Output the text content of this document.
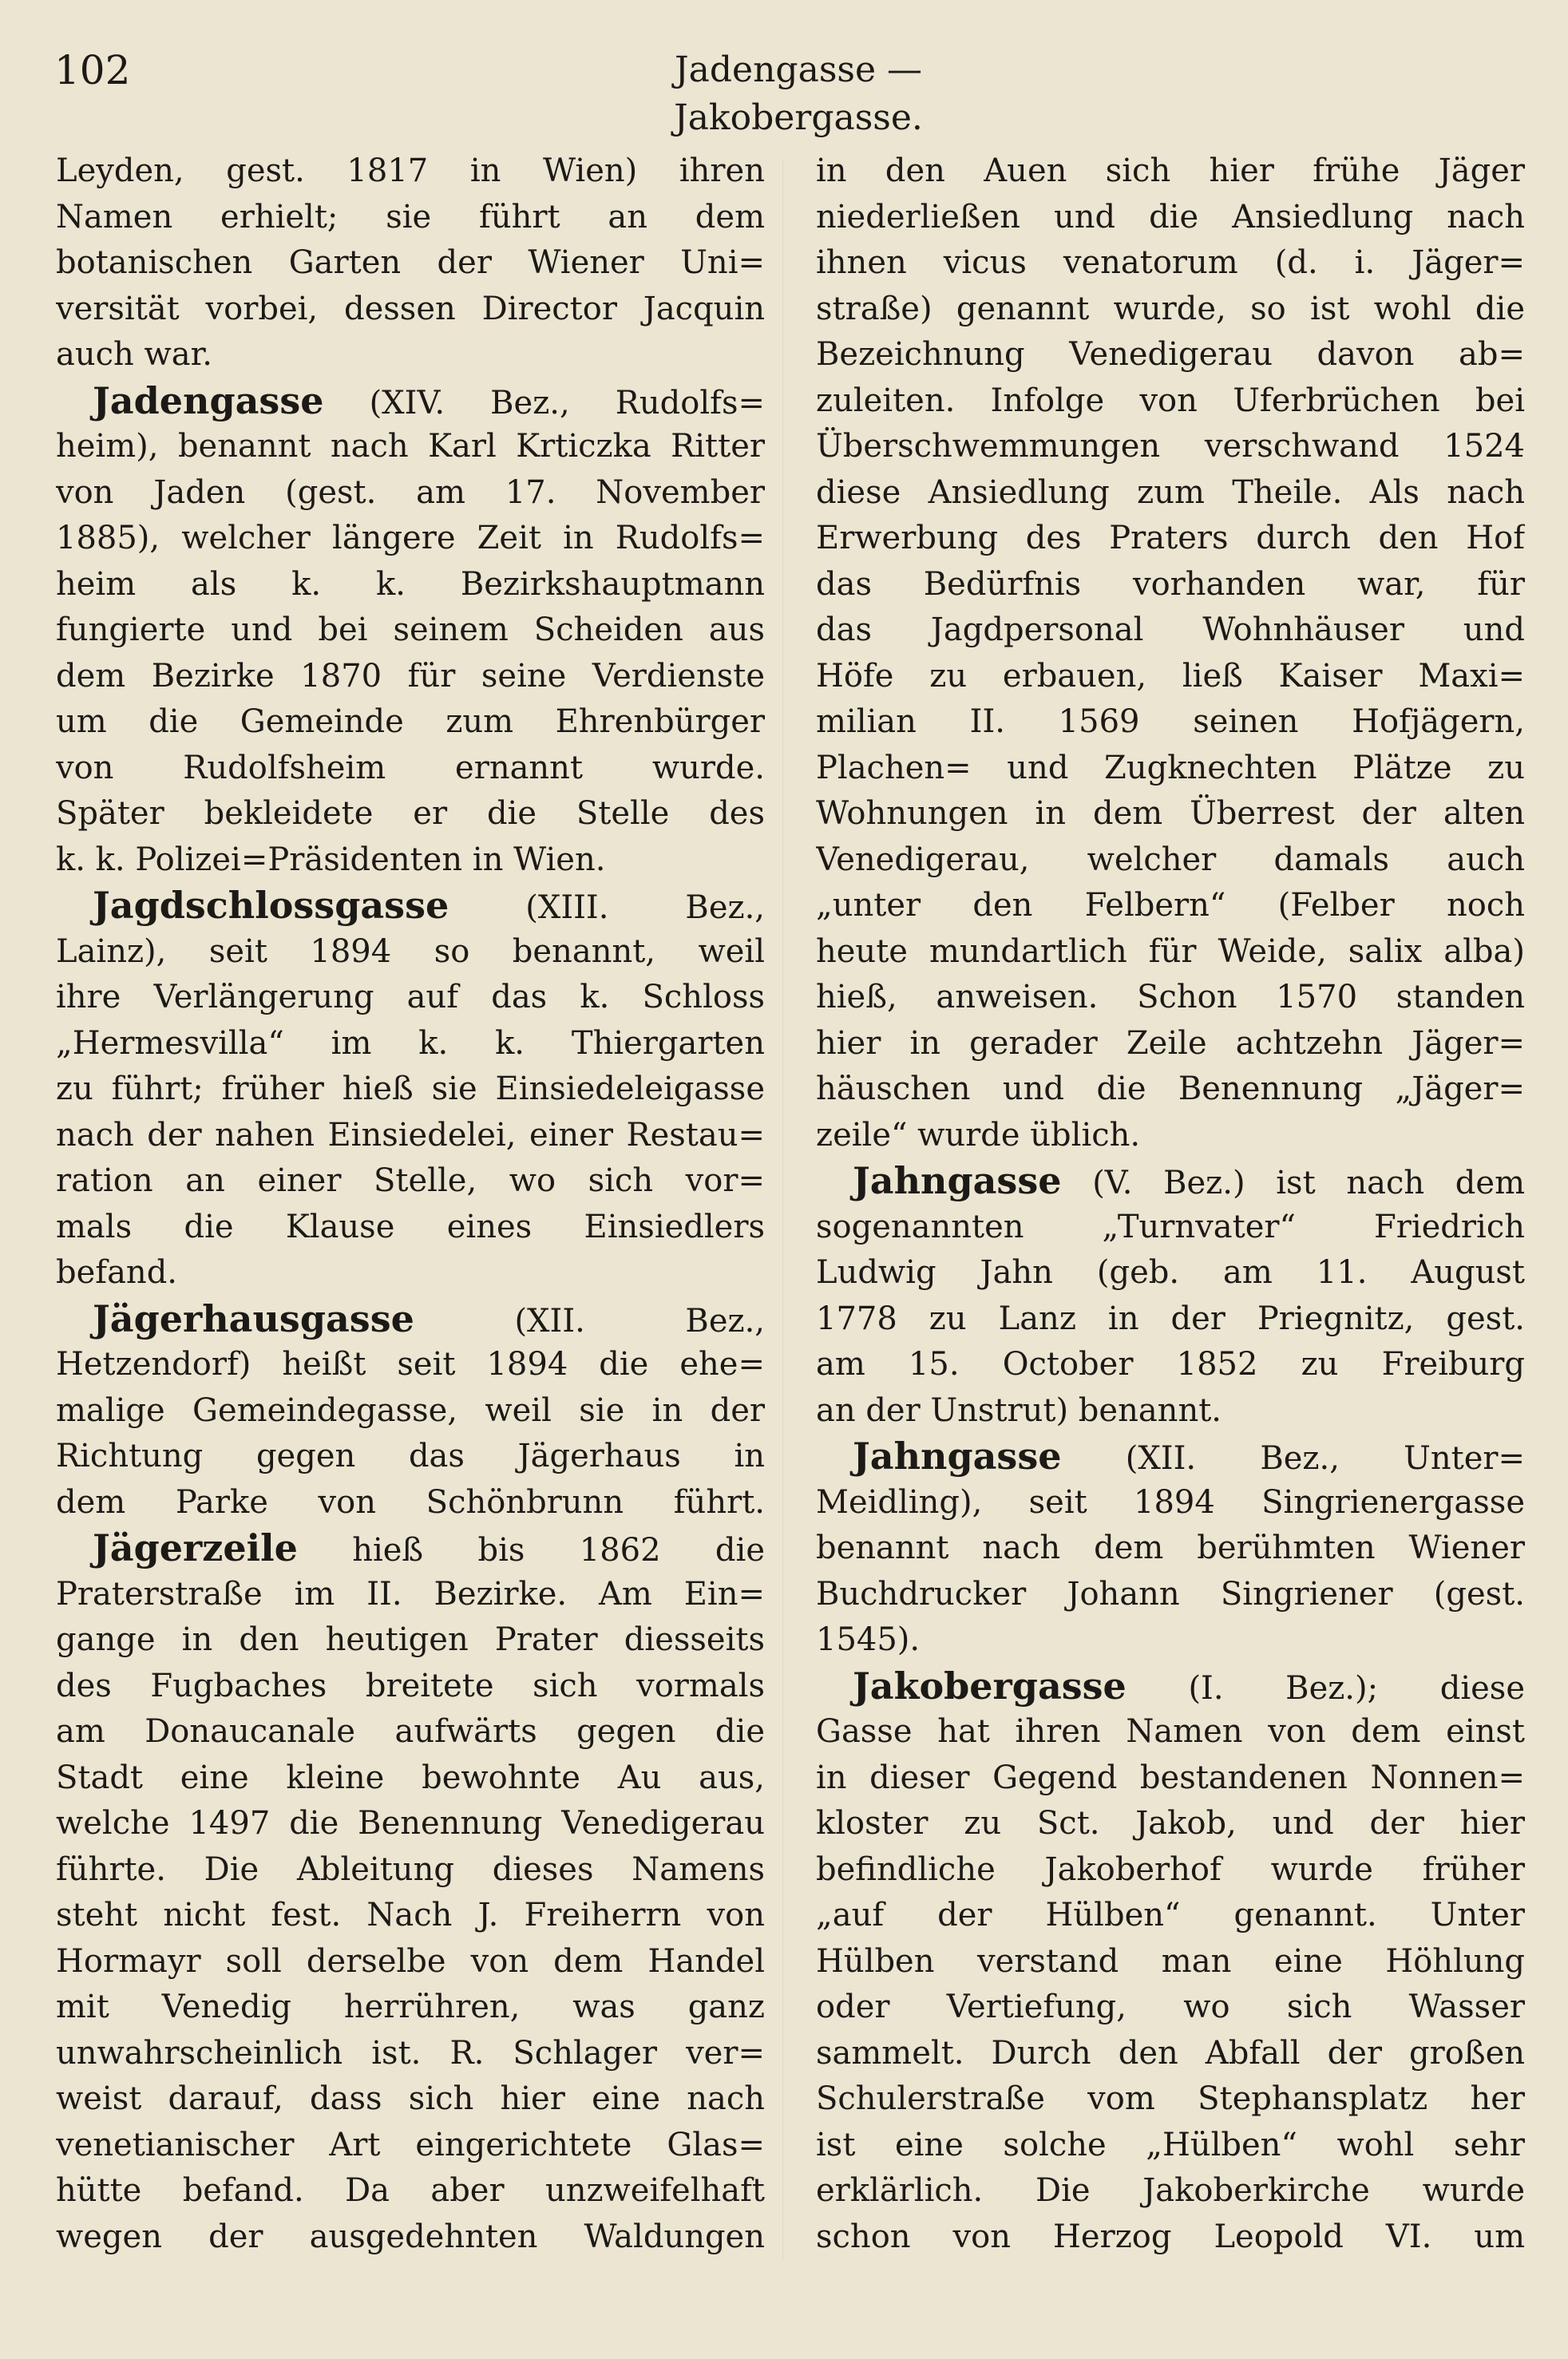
102	Jadengasse — Jakobergasse.
Leyden, gest. 1817 in Wien) ihren
Namen erhielt; sie führt an dem
botanischen Garten der Wiener Uni=
versität vorbei, dessen Director Jacquin
auch war.
Jadengasse (XIV. Bez., Rudolfs=
heim), benannt nach Karl Krticzka Ritter
von Jaden (gest. am 17. November
1885), welcher längere Zeit in Rudolfs=
heim als k. k. Bezirkshauptmann
fungierte und bei seinem Scheiden aus
dem Bezirke 1870 für seine Verdienste
um die Gemeinde zum Ehrenbürger
von Rudolfsheim ernannt wurde.
Später bekleidete er die Stelle des
k. k. Polizei=Präsidenten in Wien.
Jagdschlossgasse (XIII. Bez.,
Lainz), seit 1894 so benannt, weil
ihre Verlängerung auf das k. Schloss
„Hermesvilla“ im k. k. Thiergarten
zu führt; früher hieß sie Einsiedeleigasse
nach der nahen Einsiedelei, einer Restau=
ration an einer Stelle, wo sich vor=
mals die Klause eines Einsiedlers
befand.
Jägerhausgasse (XII. Bez.,
Hetzendorf) heißt seit 1894 die ehe=
malige Gemeindegasse, weil sie in der
Richtung gegen das Jägerhaus in
dem Parke von Schönbrunn führt.
Jägerzeile hieß bis 1862 die
Praterstraße im II. Bezirke. Am Ein=
gange in den heutigen Prater diesseits
des Fugbaches breitete sich vormals
am Donaucanale aufwärts gegen die
Stadt eine kleine bewohnte Au aus,
welche 1497 die Benennung Venedigerau
führte. Die Ableitung dieses Namens
steht nicht fest. Nach J. Freiherrn von
Hormayr soll derselbe von dem Handel
mit Venedig herrühren, was ganz
unwahrscheinlich ist. R. Schlager ver=
weist darauf, dass sich hier eine nach
venetianischer Art eingerichtete Glas=
hütte befand. Da aber unzweifelhaft
wegen der ausgedehnten Waldungen
in den Auen sich hier frühe Jäger
niederließen und die Ansiedlung nach
ihnen vicus venatorum (d. i. Jäger=
straße) genannt wurde, so ist wohl die
Bezeichnung Venedigerau davon ab=
zuleiten. Infolge von Uferbrüchen bei
Überschwemmungen verschwand 1524
diese Ansiedlung zum Theile. Als nach
Erwerbung des Praters durch den Hof
das Bedürfnis vorhanden war, für
das Jagdpersonal Wohnhäuser und
Höfe zu erbauen, ließ Kaiser Maxi=
milian II. 1569 seinen Hofjägern,
Plachen= und Zugknechten Plätze zu
Wohnungen in dem Überrest der alten
Venedigerau, welcher damals auch
„unter den Felbern“ (Felber noch
heute mundartlich für Weide, salix alba)
hieß, anweisen. Schon 1570 standen
hier in gerader Zeile achtzehn Jäger=
häuschen und die Benennung „Jäger=
zeile“ wurde üblich.
Jahngasse (V. Bez.) ist nach dem
sogenannten „Turnvater“ Friedrich
Ludwig Jahn (geb. am 11. August
1778 zu Lanz in der Priegnitz, gest.
am 15. October 1852 zu Freiburg
an der Unstrut) benannt.
Jahngasse (XII. Bez., Unter=
Meidling), seit 1894 Singrienergasse
benannt nach dem berühmten Wiener
Buchdrucker Johann Singriener (gest.
1545).
Jakobergasse (I. Bez.); diese
Gasse hat ihren Namen von dem einst
in dieser Gegend bestandenen Nonnen=
kloster zu Sct. Jakob, und der hier
befindliche Jakoberhof wurde früher
„auf der Hülben“ genannt. Unter
Hülben verstand man eine Höhlung
oder Vertiefung, wo sich Wasser
sammelt. Durch den Abfall der großen
Schulerstraße vom Stephansplatz her
ist eine solche „Hülben“ wohl sehr
erklärlich. Die Jakoberkirche wurde
schon von Herzog Leopold VI. um
